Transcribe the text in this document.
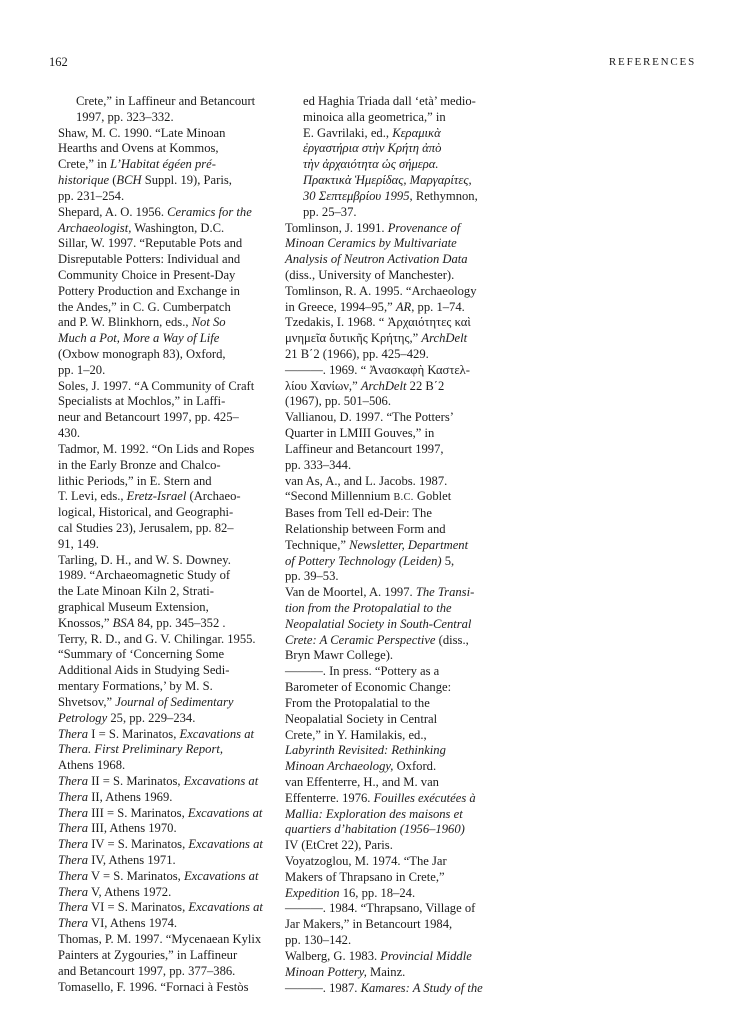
162	REFERENCES
Crete,” in Laffineur and Betancourt
1997, pp. 323–332.
Shaw, M. C. 1990. “Late Minoan
Hearths and Ovens at Kommos,
Crete,” in L’Habitat égéen pré-
historique (BCH Suppl. 19), Paris,
pp. 231–254.
Shepard, A. O. 1956. Ceramics for the
Archaeologist, Washington, D.C.
Sillar, W. 1997. “Reputable Pots and
Disreputable Potters: Individual and
Community Choice in Present-Day
Pottery Production and Exchange in
the Andes,” in C. G. Cumberpatch
and P. W. Blinkhorn, eds., Not So
Much a Pot, More a Way of Life
(Oxbow monograph 83), Oxford,
pp. 1–20.
Soles, J. 1997. “A Community of Craft
Specialists at Mochlos,” in Laffi-
neur and Betancourt 1997, pp. 425–
430.
Tadmor, M. 1992. “On Lids and Ropes
in the Early Bronze and Chalco-
lithic Periods,” in E. Stern and
T. Levi, eds., Eretz-Israel (Archaeo-
logical, Historical, and Geographi-
cal Studies 23), Jerusalem, pp. 82–
91, 149.
Tarling, D. H., and W. S. Downey.
1989. “Archaeomagnetic Study of
the Late Minoan Kiln 2, Strati-
graphical Museum Extension,
Knossos,” BSA 84, pp. 345–352 .
Terry, R. D., and G. V. Chilingar. 1955.
“Summary of ‘Concerning Some
Additional Aids in Studying Sedi-
mentary Formations,’ by M. S.
Shvetsov,” Journal of Sedimentary
Petrology 25, pp. 229–234.
Thera I = S. Marinatos, Excavations at
Thera. First Preliminary Report,
Athens 1968.
Thera II = S. Marinatos, Excavations at
Thera II, Athens 1969.
Thera III = S. Marinatos, Excavations at
Thera III, Athens 1970.
Thera IV = S. Marinatos, Excavations at
Thera IV, Athens 1971.
Thera V = S. Marinatos, Excavations at
Thera V, Athens 1972.
Thera VI = S. Marinatos, Excavations at
Thera VI, Athens 1974.
Thomas, P. M. 1997. “Mycenaean Kylix
Painters at Zygouries,” in Laffineur
and Betancourt 1997, pp. 377–386.
Tomasello, F. 1996. “Fornaci à Festòs
ed Haghia Triada dall ‘età’ medio-
minoica alla geometrica,” in
E. Gavrilaki, ed., Κεραμικὰ
ἐργαστήρια στὴν Κρήτη ἀπὸ
τὴν ἀρχαιότητα ὡς σήμερα.
Πρακτικὰ Ἡμερίδας, Μαργαρίτες,
30 Σεπτεμβρίου 1995, Rethymnon,
pp. 25–37.
Tomlinson, J. 1991. Provenance of
Minoan Ceramics by Multivariate
Analysis of Neutron Activation Data
(diss., University of Manchester).
Tomlinson, R. A. 1995. “Archaeology
in Greece, 1994–95,” AR, pp. 1–74.
Tzedakis, I. 1968. “ Ἀρχαιότητες καὶ
μνημεῖα δυτικῆς Κρήτης,” ArchDelt
21 B΄2 (1966), pp. 425–429.
———. 1969. “ Ἀνασκαφὴ Καστελ-
λίου Χανίων,” ArchDelt 22 B΄2
(1967), pp. 501–506.
Vallianou, D. 1997. “The Potters’
Quarter in LMIII Gouves,” in
Laffineur and Betancourt 1997,
pp. 333–344.
van As, A., and L. Jacobs. 1987.
“Second Millennium B.C. Goblet
Bases from Tell ed-Deir: The
Relationship between Form and
Technique,” Newsletter, Department
of Pottery Technology (Leiden) 5,
pp. 39–53.
Van de Moortel, A. 1997. The Transi-
tion from the Protopalatial to the
Neopalatial Society in South-Central
Crete: A Ceramic Perspective (diss.,
Bryn Mawr College).
———. In press. “Pottery as a
Barometer of Economic Change:
From the Protopalatial to the
Neopalatial Society in Central
Crete,” in Y. Hamilakis, ed.,
Labyrinth Revisited: Rethinking
Minoan Archaeology, Oxford.
van Effenterre, H., and M. van
Effenterre. 1976. Fouilles exécutées à
Mallia: Exploration des maisons et
quartiers d’habitation (1956–1960)
IV (EtCret 22), Paris.
Voyatzoglou, M. 1974. “The Jar
Makers of Thrapsano in Crete,”
Expedition 16, pp. 18–24.
———. 1984. “Thrapsano, Village of
Jar Makers,” in Betancourt 1984,
pp. 130–142.
Walberg, G. 1983. Provincial Middle
Minoan Pottery, Mainz.
———. 1987. Kamares: A Study of the
